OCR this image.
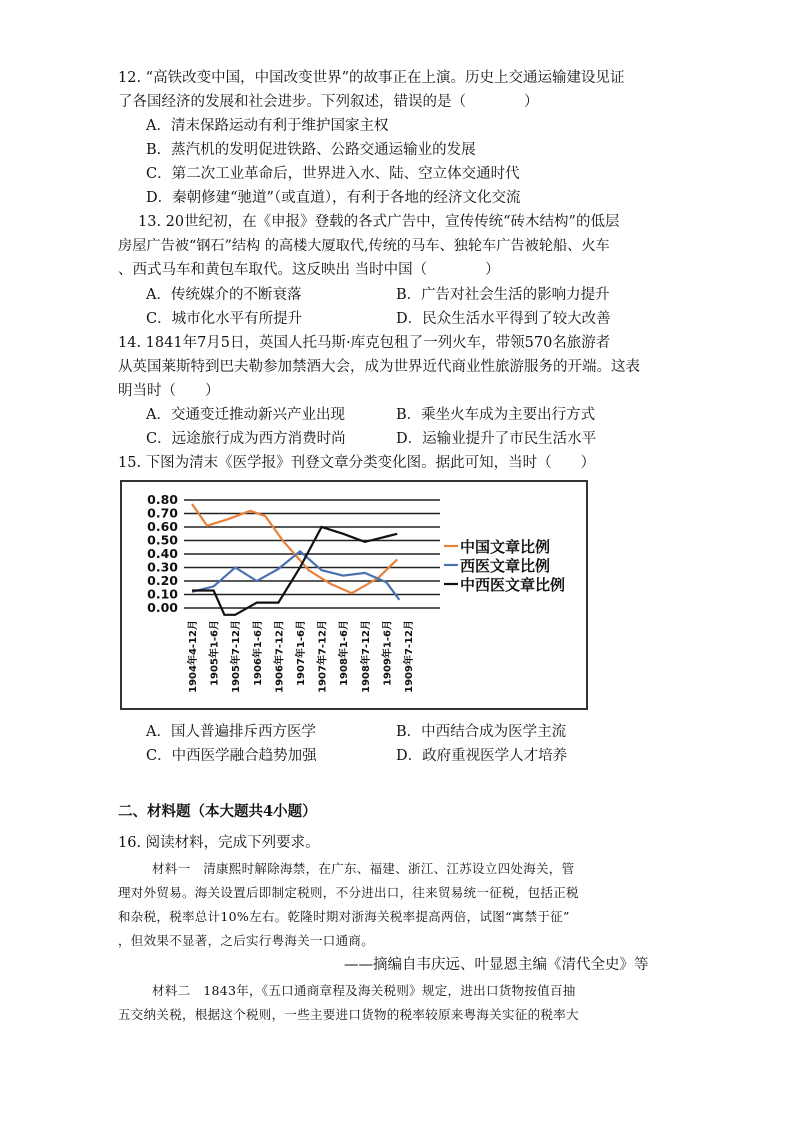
12. “高铁改变中国，中国改变世界”的故事正在上演。历史上交通运输建设见证
了各国经济的发展和社会进步。下列叙述，错误的是（　　　　）
A．清末保路运动有利于维护国家主权
B．蒸汽机的发明促进铁路、公路交通运输业的发展
C．第二次工业革命后，世界进入水、陆、空立体交通时代
D．秦朝修建“驰道”（或直道），有利于各地的经济文化交流
13. 20世纪初，在《申报》登载的各式广告中，宣传传统“砖木结构”的低层
房屋广告被“钢石”结构 的高楼大厦取代,传统的马车、独轮车广告被轮船、火车
、西式马车和黄包车取代。这反映出 当时中国（　　　　）
A．传统媒介的不断衰落	B．广告对社会生活的影响力提升
C．城市化水平有所提升	D．民众生活水平得到了较大改善
14. 1841年7月5日，英国人托马斯·库克包租了一列火车，带领570名旅游者
从英国莱斯特到巴夫勒参加禁酒大会，成为世界近代商业性旅游服务的开端。这表
明当时（　　）
A．交通变迁推动新兴产业出现	B．乘坐火车成为主要出行方式
C．远途旅行成为西方消费时尚	D．运输业提升了市民生活水平
15. 下图为清末《医学报》刊登文章分类变化图。据此可知，当时（　　）
0.80
0.70
0.60
0.50
0.40
0.30
0.20
0.10
0.00
1904年4-12月 1905年1-6月 1905年7-12月 1906年1-6月 1906年7-12月 1907年1-6月 1907年7-12月 1908年1-6月 1908年7-12月 1909年1-6月 1909年7-12月
中国文章比例
西医文章比例
中西医文章比例
A．国人普遍排斥西方医学	B．中西结合成为医学主流
C．中西医学融合趋势加强	D．政府重视医学人才培养
二、材料题（本大题共4小题）
16. 阅读材料，完成下列要求。
材料一　清康熙时解除海禁，在广东、福建、浙江、江苏设立四处海关，管
理对外贸易。海关设置后即制定税则，不分进出口，往来贸易统一征税，包括正税
和杂税，税率总计10%左右。乾隆时期对浙海关税率提高两倍，试图“寓禁于征”
，但效果不显著，之后实行粤海关一口通商。
——摘编自韦庆远、叶显恩主编《清代全史》等
材料二　1843年，《五口通商章程及海关税则》规定，进出口货物按值百抽
五交纳关税，根据这个税则，一些主要进口货物的税率较原来粤海关实征的税率大
